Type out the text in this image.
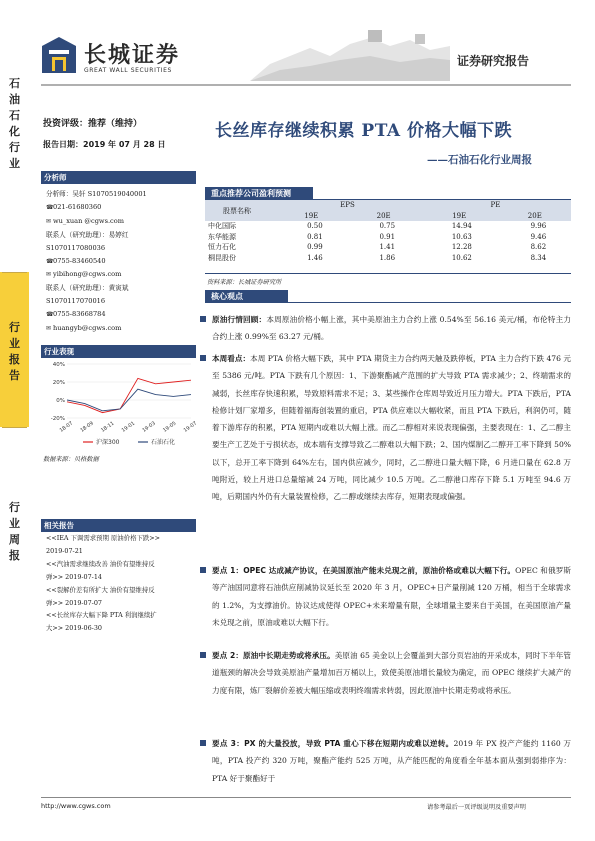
石
油
石
化
行
业
行
业
报
告
行
业
周
报
长城证券
GREAT WALL SECURITIES
证券研究报告
投资评级：推荐（维持）
报告日期：2019 年 07 月 28 日
分析师
分析师：吴轩 S1070519040001
☎021-61680360
✉ wu_xuan @cgws.com
联系人（研究助理）：易婷红
S1070117080036
☎0755-83460540
✉ yibihong@cgws.com
联系人（研究助理）：黄寅斌
S1070117070016
☎0755-83668784
✉ huangyb@cgws.com
行业表现
40%
20%
0%
-20%
18-07 18-09 18-11 19-01 19-03 19-05 19-07
沪深300	石油石化
数据来源：贝格数据
相关报告
<<IEA 下调需求预期 原油价格下跌>>
2019-07-21
<<汽油需求继续改善 油价有望维持反
弹>> 2019-07-14
<<裂解价差有所扩大 油价有望维持反
弹>> 2019-07-07
<<长丝库存大幅下降 PTA 利润继续扩
大>> 2019-06-30
长丝库存继续积累 PTA 价格大幅下跌
——石油石化行业周报
重点推荐公司盈利预测
股票名称	EPS		PE	
	19E	20E	19E	20E
中化国际	0.50	0.75	14.94	9.96
东华能源	0.81	0.91	10.63	9.46
恒力石化	0.99	1.41	12.28	8.62
桐昆股份	1.46	1.86	10.62	8.34
资料来源：长城证券研究所
核心观点
原油行情回顾：本周原油价格小幅上涨，其中美原油主力合约上涨 0.54%至 56.16 美元/桶，布伦特主力合约上涨 0.99%至 63.27 元/桶。
本周看点：本周 PTA 价格大幅下跌，其中 PTA 期货主力合约两天触及跌停板，PTA 主力合约下跌 476 元至 5386 元/吨。PTA 下跌有几个原因：1、下游聚酯减产范围的扩大导致 PTA 需求减少；2、终端需求的减弱，长丝库存快速积累，导致原料需求不足；3、某些操作仓库周导致近月压力增大。PTA 下跌后，PTA 检修计划厂家增多，但随着福海创装置的重启，PTA 供应难以大幅收紧，而且 PTA 下跌后，利润仍可，随着下游库存的积累，PTA 短期内或难以大幅上涨。而乙二醇相对来说表现偏强，主要表现在：1、乙二醇主要生产工艺处于亏损状态，成本端有支撑导致乙二醇难以大幅下跌；2、国内煤制乙二醇开工率下降到 50%以下，总开工率下降到 64%左右，国内供应减少，同时，乙二醇进口量大幅下降，6 月进口量在 62.8 万吨附近，较上月进口总量缩减 24 万吨，同比减少 10.5 万吨。乙二醇港口库存下降 5.1 万吨至 94.6 万吨，后期国内外仍有大量装置检修，乙二醇或继续去库存，短期表现或偏强。
要点 1：OPEC 达成减产协议，在美国原油产能未兑现之前，原油价格或难以大幅下行。OPEC 和俄罗斯等产油国同意将石油供应削减协议延长至 2020 年 3 月，OPEC+日产量削减 120 万桶，相当于全球需求的 1.2%，为支撑油价。协议达成使得 OPEC+未来增量有限，全球增量主要来自于美国，在美国原油产量未兑现之前，原油或难以大幅下行。
要点 2：原油中长期走势或将承压。美原油 65 美金以上会覆盖到大部分页岩油的开采成本，同时下半年管道瓶颈的解决会导致美原油产量增加百万桶以上，致使美原油增长量较为确定，而 OPEC 继续扩大减产的力度有限，炼厂裂解价差被大幅压缩或表明终端需求转弱，因此原油中长期走势或将承压。
要点 3：PX 的大量投放，导致 PTA 重心下移在短期内或难以逆转。2019 年 PX 投产产能约 1160 万吨，PTA 投产约 320 万吨，聚酯产能约 525 万吨，从产能匹配的角度看全年基本面从强到弱排序为：PTA 好于聚酯好于
http://www.cgws.com	请参考最后一页评级说明及重要声明
